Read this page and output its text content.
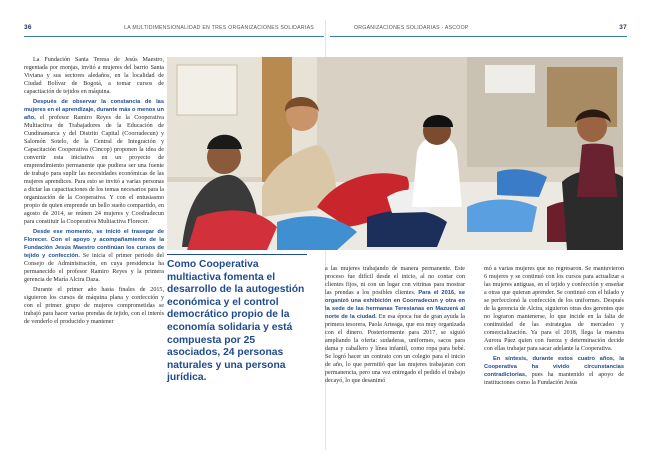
36	LA MULTIDIMENSIONALIDAD EN TRES ORGANIZACIONES SOLIDARIAS	ORGANIZACIONES SOLIDARIAS · ASCOOP	37

La Fundación Santa Teresa de Jesús Maestro, regentada por monjas, invitó a mujeres del barrio Santa Viviana y sus sectores aledaños, en la localidad de Ciudad Bolívar de Bogotá, a tomar cursos de capacitación de tejidos en máquina.

Después de observar la constancia de las mujeres en el aprendizaje, durante más o menos un año, el profesor Ramiro Reyes de la Cooperativa Multiactiva de Trabajadores de la Educación de Cundinamarca y del Distrito Capital (Coorradecun) y Salomón Sotelo, de la Central de Integración y Capacitación Cooperativa (Cincop) proponen la idea de convertir esta iniciativa en un proyecto de emprendimiento permanente que pudiera ser una fuente de trabajo para suplir las necesidades económicas de las mujeres aprendices. Para esto se invitó a varias personas a dictar las capacitaciones de los temas necesarios para la organización de la Cooperativa. Y con el entusiasmo propio de quien emprende un bello sueño compartido, en agosto de 2014, se reúnen 24 mujeres y Coodradecun para constituir la Cooperativa Multiactiva Florecer.

Desde ese momento, se inició el trasegar de Florecer. Con el apoyo y acompañamiento de la Fundación Jesús Maestro continúan los cursos de tejido y confección. Se inicia el primer periodo del Consejo de Administración, en cuya presidencia ha permanecido el profesor Ramiro Reyes y la primera gerencia de María Alcira Daza.

Durante el primer año hasta finales de 2015, siguieron los cursos de máquina plana y confección y con el primer grupo de mujeres comprometidas se trabajó para hacer varias prendas de tejido, con el interés de venderlo el producido y mantener

Como Cooperativa multiactiva fomenta el desarrollo de la autogestión económica y el control democrático propio de la economía solidaria y está compuesta por 25 asociados, 24 personas naturales y una persona jurídica.

a las mujeres trabajando de manera permanente. Este proceso fue difícil desde el inicio, al no contar con clientes fijos, ni con un lugar con vitrinas para mostrar las prendas a los posibles clientes. Para el 2016, se organizó una exhibición en Coorradecun y otra en la sede de las hermanas Teresianas en Mazuerá al norte de la ciudad. En esa época fue de gran ayuda la primera tesorera, Paola Arteaga, que era muy organizada con el dinero. Posteriormente para 2017, se siguió ampliando la oferta: sudaderas, uniformes, sacos para dama y caballero y línea infantil, como ropa para bebé. Se logró hacer un contrato con un colegio para el inicio de año, lo que permitió que las mujeres trabajaran con permanencia, pero una vez entregado el pedido el trabajo decayó, lo que desanimó

mó a varias mujeres que no regresaron. Se mantuvieron 6 mujeres y se continuó con los cursos para actualizar a las mujeres antiguas, en el tejido y confección y enseñar a otras que quieran aprender. Se continuó con el hilado y se perfeccionó la confección de los uniformes. Después de la gerencia de Alcira, siguieron otras dos gerentes que no lograron mantenerse, lo que incide en la falta de continuidad de las estrategias de mercadeo y comercialización. Ya para el 2018, llega la maestra Aurora Páez quien con fuerza y determinación decide con ellas trabajar para sacar adelante la Cooperativa.

En síntesis, durante estos cuatro años, la Cooperativa ha vivido circunstancias contradictorias, pues ha mantenido el apoyo de instituciones como la Fundación Jesús
